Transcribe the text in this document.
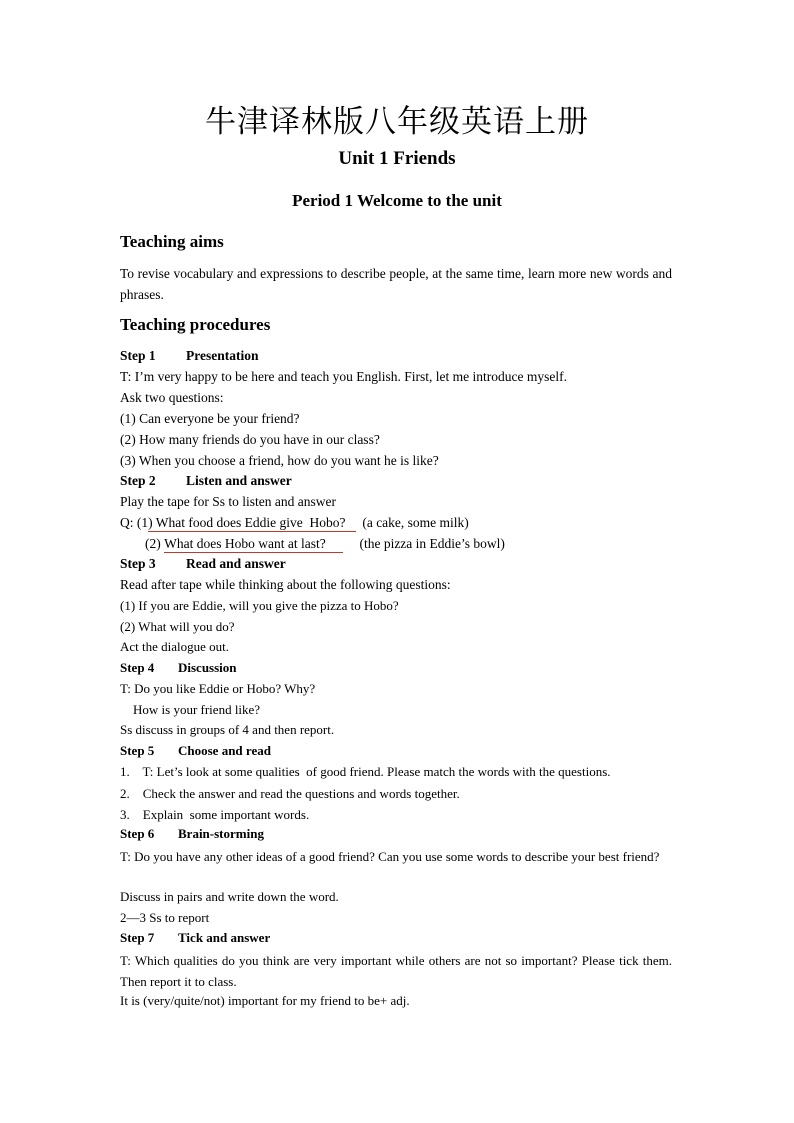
牛津译林版八年级英语上册
Unit 1 Friends
Period 1 Welcome to the unit
Teaching aims
To revise vocabulary and expressions to describe people, at the same time, learn more new words and phrases.
Teaching procedures
Step 1 Presentation
T: I’m very happy to be here and teach you English. First, let me introduce myself.
Ask two questions:
(1) Can everyone be your friend?
(2) How many friends do you have in our class?
(3) When you choose a friend, how do you want he is like?
Step 2 Listen and answer
Play the tape for Ss to listen and answer
Q: (1) What food does Eddie give  Hobo?     (a cake, some milk)
(2) What does Hobo want at last?          (the pizza in Eddie’s bowl)
Step 3 Read and answer
Read after tape while thinking about the following questions:
(1) If you are Eddie, will you give the pizza to Hobo?
(2) What will you do?
Act the dialogue out.
Step 4 Discussion
T: Do you like Eddie or Hobo? Why?
How is your friend like?
Ss discuss in groups of 4 and then report.
Step 5 Choose and read
1.    T: Let’s look at some qualities  of good friend. Please match the words with the questions.
2.    Check the answer and read the questions and words together.
3.    Explain  some important words.
Step 6 Brain-storming
T: Do you have any other ideas of a good friend? Can you use some words to describe your best friend?
Discuss in pairs and write down the word.
2—3 Ss to report
Step 7 Tick and answer
T: Which qualities do you think are very important while others are not so important? Please tick them. Then report it to class.
It is (very/quite/not) important for my friend to be+ adj.
